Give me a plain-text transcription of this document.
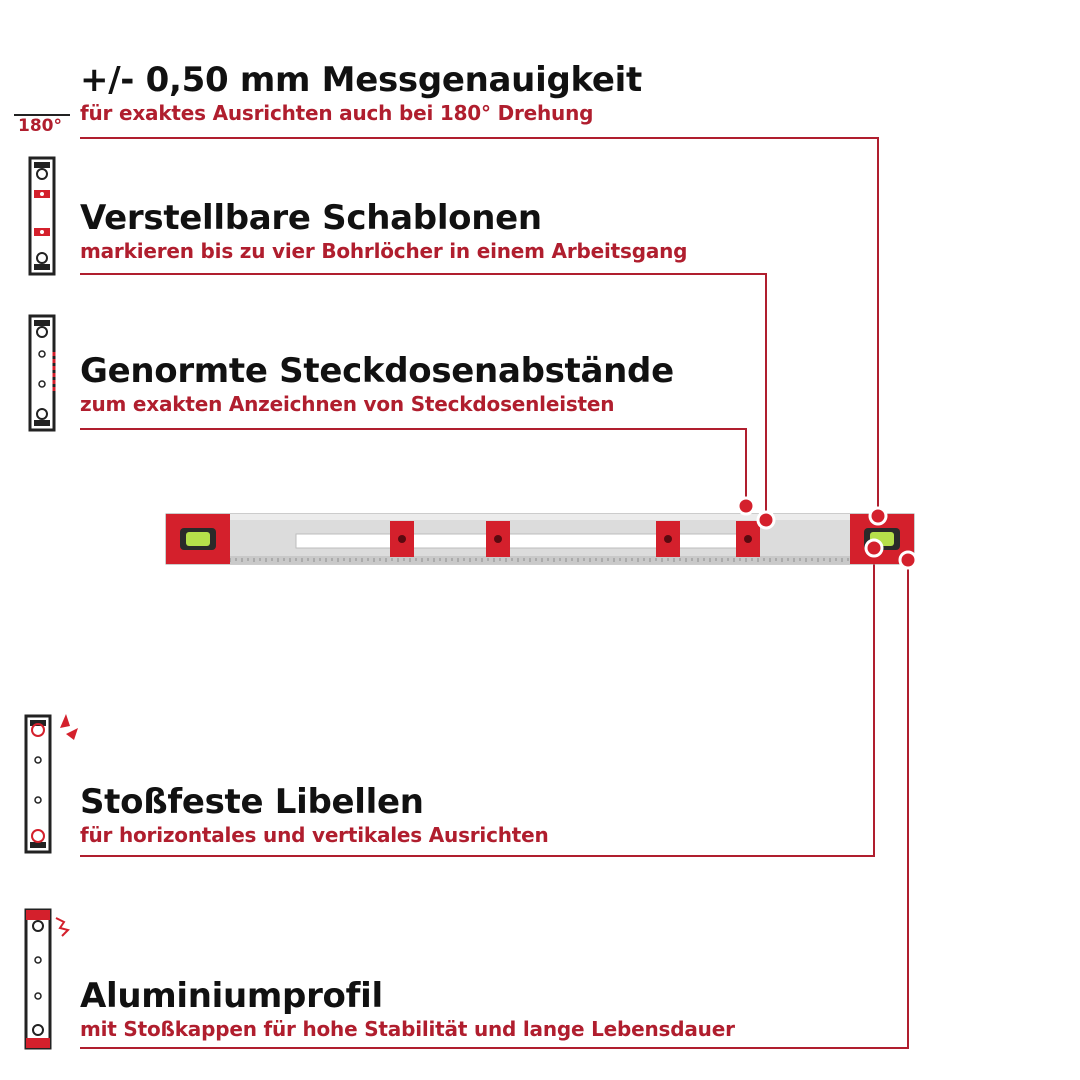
180°
+/- 0,50 mm Messgenauigkeit
für exaktes Ausrichten auch bei 180° Drehung
Verstellbare Schablonen
markieren bis zu vier Bohrlöcher in einem Arbeitsgang
Genormte Steckdosenabstände
zum exakten Anzeichnen von Steckdosenleisten
Stoßfeste Libellen
für horizontales und vertikales Ausrichten
Aluminiumprofil
mit Stoßkappen für hohe Stabilität und lange Lebensdauer
